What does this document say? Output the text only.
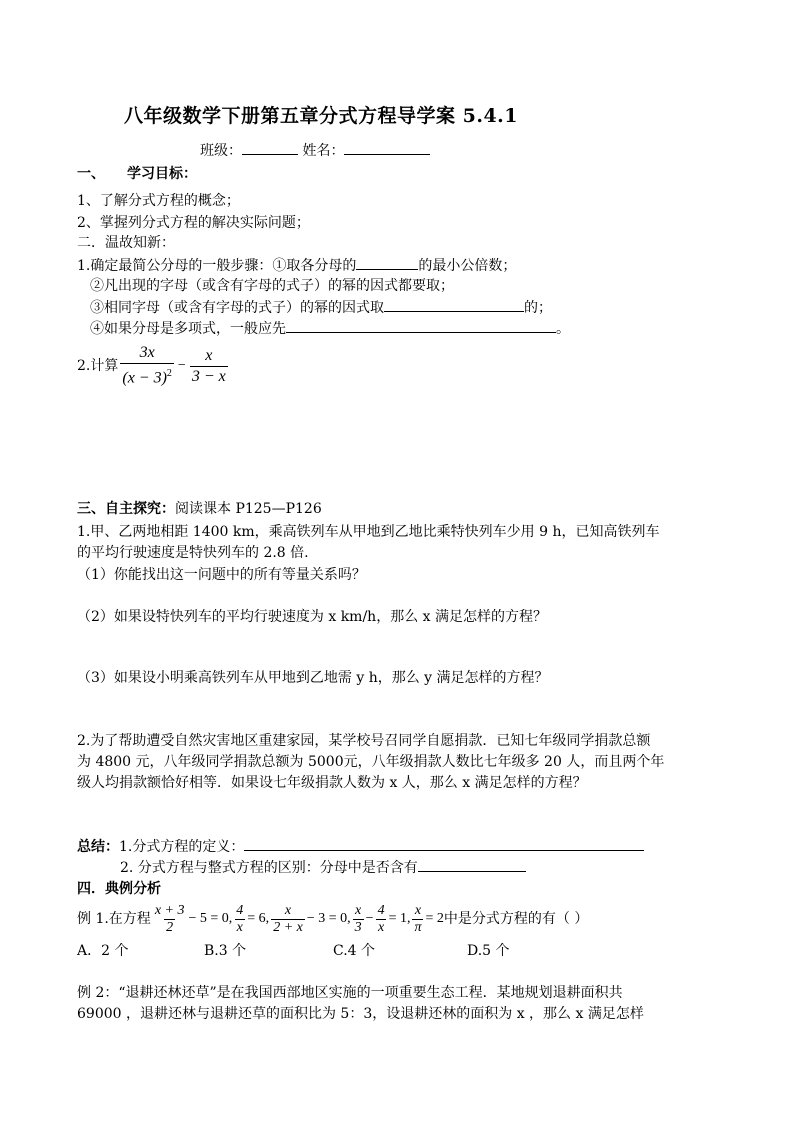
八年级数学下册第五章分式方程导学案 5.4.1
班级：	姓名：
一、 学习目标：
1、了解分式方程的概念；
2、掌握列分式方程的解决实际问题；
二．温故知新：
1.确定最简公分母的一般步骤：①取各分母的	的最小公倍数；
②凡出现的字母（或含有字母的式子）的幂的因式都要取；
③相同字母（或含有字母的式子）的幂的因式取	的；
④如果分母是多项式，一般应先	。
2.计算 $\frac{3x}{(x - 3)^2} - \frac{x}{3 - x}$
三、自主探究：阅读课本 P125—P126
1.甲、乙两地相距 1400 km，乘高铁列车从甲地到乙地比乘特快列车少用 9 h，已知高铁列车
的平均行驶速度是特快列车的 2.8 倍.
（1）你能找出这一问题中的所有等量关系吗？
（2）如果设特快列车的平均行驶速度为 x km/h，那么 x 满足怎样的方程？
（3）如果设小明乘高铁列车从甲地到乙地需 y h，那么 y 满足怎样的方程？
2.为了帮助遭受自然灾害地区重建家园，某学校号召同学自愿捐款．已知七年级同学捐款总额
为 4800 元，八年级同学捐款总额为 5000元，八年级捐款人数比七年级多 20 人，而且两个年
级人均捐款额恰好相等．如果设七年级捐款人数为 x 人，那么 x 满足怎样的方程？
总结：1.分式方程的定义：
2. 分式方程与整式方程的区别：分母中是否含有
四．典例分析
例 1.在方程 $\frac{x + 3}{2} - 5 = 0$, $\frac{4}{x} = 6$, $\frac{x}{2 + x} - 3 = 0$, $\frac{x}{3} - \frac{4}{x} = 1$, $\frac{x}{\pi} = 2$ 中是分式方程的有（ ）
A．2 个	B.3 个	C.4 个	D.5 个
例 2：“退耕还林还草”是在我国西部地区实施的一项重要生态工程．某地规划退耕面积共
69000 ，退耕还林与退耕还草的面积比为 5：3，设退耕还林的面积为 x ，那么 x 满足怎样
